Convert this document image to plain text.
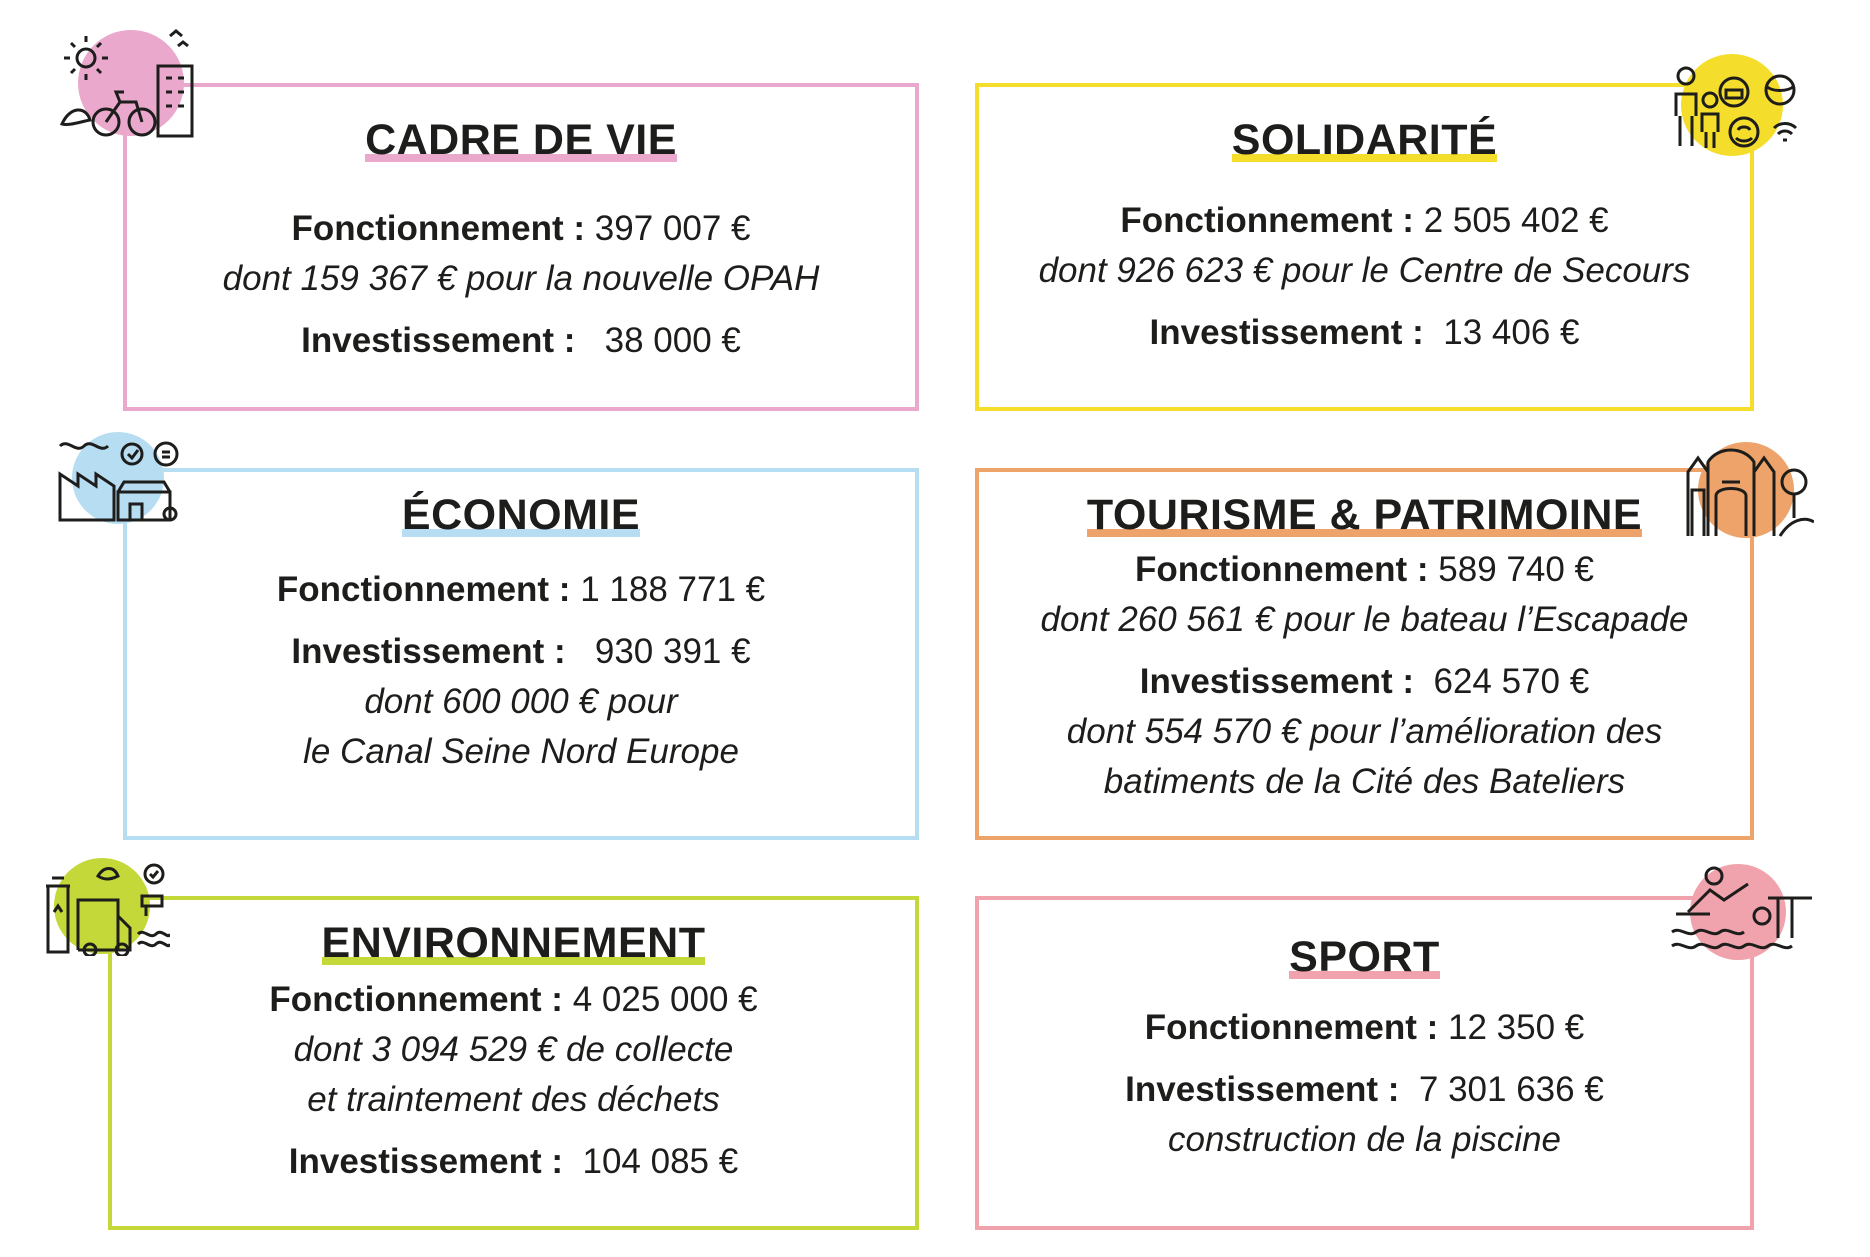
CADRE DE VIE
Fonctionnement : 397 007 €
dont 159 367 € pour la nouvelle OPAH
Investissement : 38 000 €
SOLIDARITÉ
Fonctionnement : 2 505 402 €
dont 926 623 € pour le Centre de Secours
Investissement : 13 406 €
ÉCONOMIE
Fonctionnement : 1 188 771 €
Investissement : 930 391 €
dont 600 000 € pour
le Canal Seine Nord Europe
TOURISME & PATRIMOINE
Fonctionnement : 589 740 €
dont 260 561 € pour le bateau l’Escapade
Investissement : 624 570 €
dont 554 570 € pour l’amélioration des
batiments de la Cité des Bateliers
ENVIRONNEMENT
Fonctionnement : 4 025 000 €
dont 3 094 529 € de collecte
et traintement des déchets
Investissement : 104 085 €
SPORT
Fonctionnement : 12 350 €
Investissement : 7 301 636 €
construction de la piscine
